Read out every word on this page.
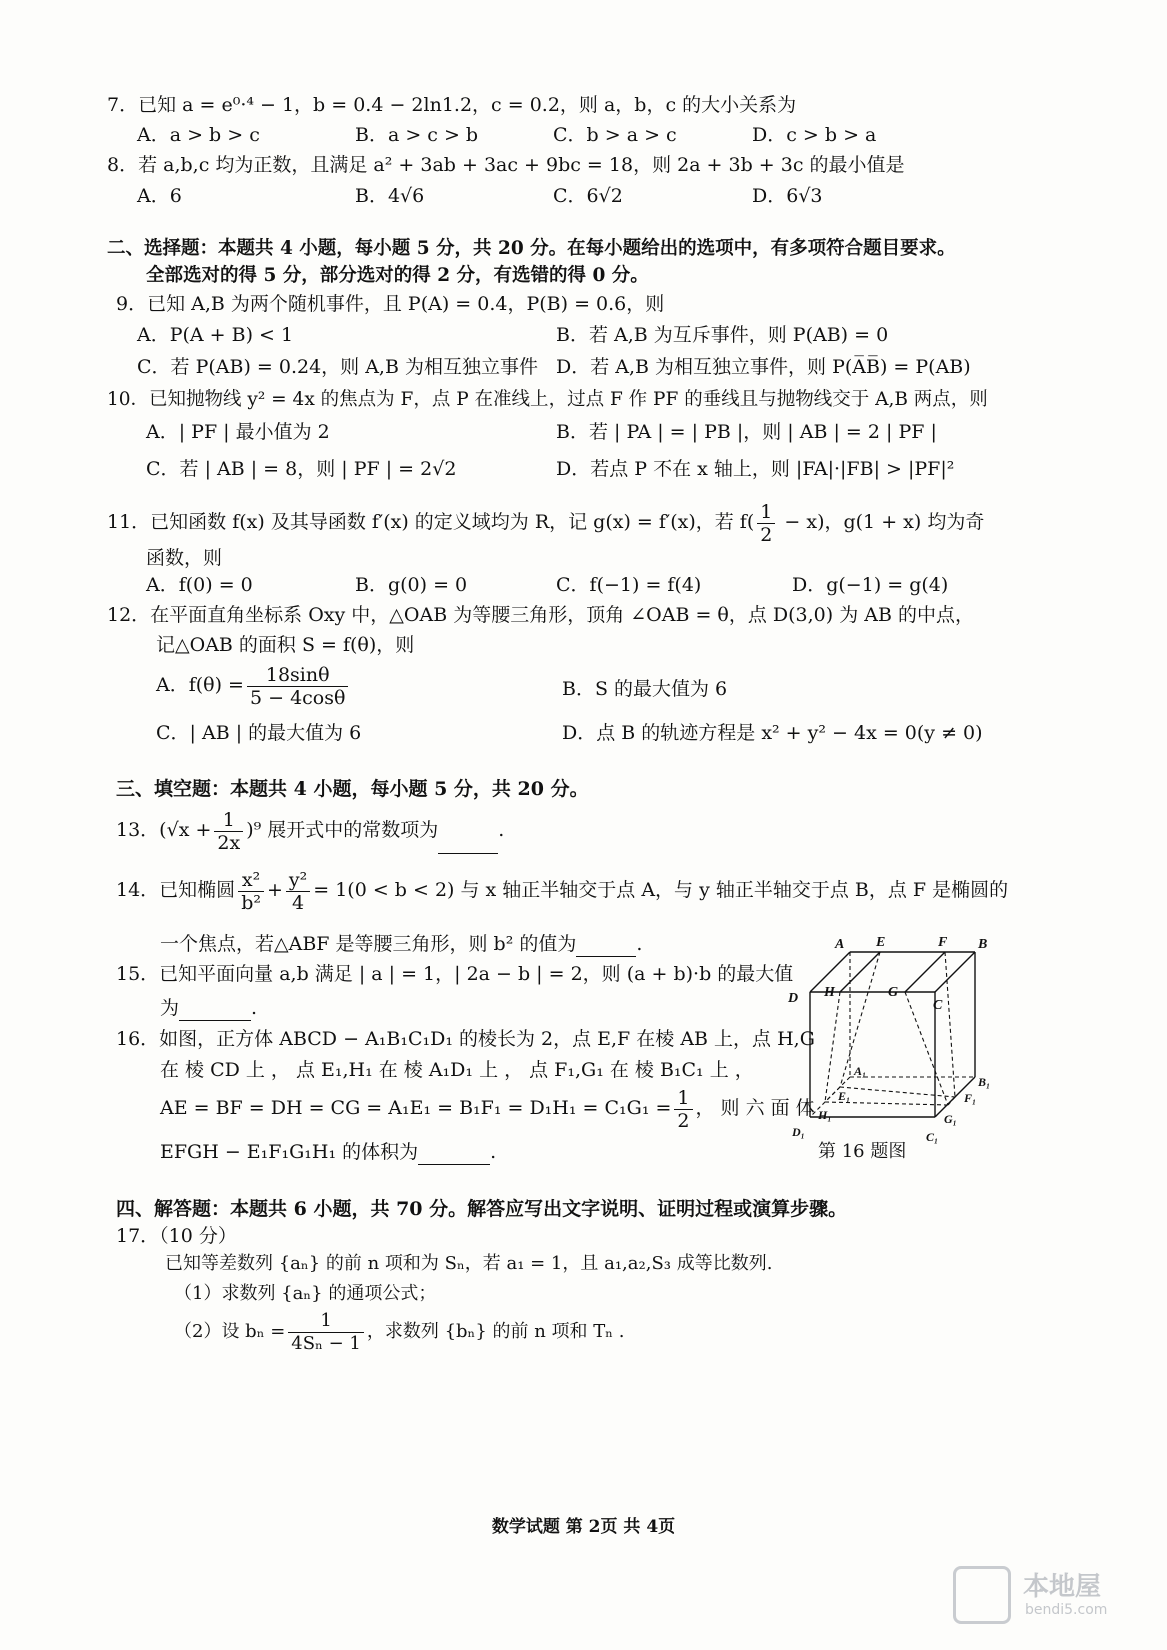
7．已知 a = e⁰·⁴ − 1，b = 0.4 − 2ln1.2，c = 0.2，则 a，b，c 的大小关系为
A．a > b > c	B．a > c > b	C．b > a > c	D．c > b > a
8．若 a,b,c 均为正数，且满足 a² + 3ab + 3ac + 9bc = 18，则 2a + 3b + 3c 的最小值是
A．6	B．4√6	C．6√2	D．6√3
二、选择题：本题共 4 小题，每小题 5 分，共 20 分。在每小题给出的选项中，有多项符合题目要求。
全部选对的得 5 分，部分选对的得 2 分，有选错的得 0 分。
9．已知 A,B 为两个随机事件，且 P(A) = 0.4，P(B) = 0.6，则
A．P(A + B) < 1	B．若 A,B 为互斥事件，则 P(AB) = 0
C．若 P(AB) = 0.24，则 A,B 为相互独立事件 D．若 A,B 为相互独立事件，则 P(A̅B̅) = P(AB)
10．已知抛物线 y² = 4x 的焦点为 F，点 P 在准线上，过点 F 作 PF 的垂线且与抛物线交于 A,B 两点，则
A．| PF | 最小值为 2	B．若 | PA | = | PB |，则 | AB | = 2 | PF |
C．若 | AB | = 8，则 | PF | = 2√2	D．若点 P 不在 x 轴上，则 |FA|·|FB| > |PF|²
11．已知函数 f(x) 及其导函数 f′(x) 的定义域均为 R，记 g(x) = f′(x)，若 $f( \frac{1}{2} - x)$，g(1 + x) 均为奇
函数，则
A．f(0) = 0	B．g(0) = 0	C．f(−1) = f(4)	D．g(−1) = g(4)
12．在平面直角坐标系 Oxy 中，△OAB 为等腰三角形，顶角 ∠OAB = θ，点 D(3,0) 为 AB 的中点，
记△OAB 的面积 S = f(θ)，则
A．$f(\theta) = \frac{18\sin\theta}{5 - 4\cos\theta}$	B．S 的最大值为 6
C．| AB | 的最大值为 6	D．点 B 的轨迹方程是 x² + y² − 4x = 0(y ≠ 0)
三、填空题：本题共 4 小题，每小题 5 分，共 20 分。
13．$(√x + \frac{1}{2x} )^9$ 展开式中的常数项为	.
14．已知椭圆 $\frac{\text{x²}}{\text{b²}} + \frac{\text{y²}}{4} = 1(0 < b < 2)$ 与 x 轴正半轴交于点 A，与 y 轴正半轴交于点 B，点 F 是椭圆的
一个焦点，若△ABF 是等腰三角形，则 b² 的值为	.
15．已知平面向量 a,b 满足 | a | = 1，| 2a − b | = 2，则 (a + b)·b 的最大值
为	.
16．如图，正方体 ABCD − A₁B₁C₁D₁ 的棱长为 2，点 E,F 在棱 AB 上，点 H,G
在 棱 CD 上 ， 点 E₁,H₁ 在 棱 A₁D₁ 上 ， 点 F₁,G₁ 在 棱 B₁C₁ 上 ，
AE = BF = DH = CG = $A_1E_1 = B_1F_1 = D_1H_1 = C_1G_1 = \frac{1}{2}$ ， 则 六 面 体
EFGH − E₁F₁G₁H₁ 的体积为	.
A E	F B
D H	G
C
A₁
B₁
E₁	F₁
H₁	G₁
D₁	C₁
第 16 题图
四、解答题：本题共 6 小题，共 70 分。解答应写出文字说明、证明过程或演算步骤。
17．（10 分）
已知等差数列 {aₙ} 的前 n 项和为 Sₙ，若 a₁ = 1，且 a₁,a₂,S₃ 成等比数列.
（1）求数列 {aₙ} 的通项公式；
（2）设 $b_n = \frac{1}{\text{4Sₙ − 1}}$ ，求数列 {bₙ} 的前 n 项和 Tₙ .
数学试题 第 2页 共 4页
本地屋
bendi5.com
